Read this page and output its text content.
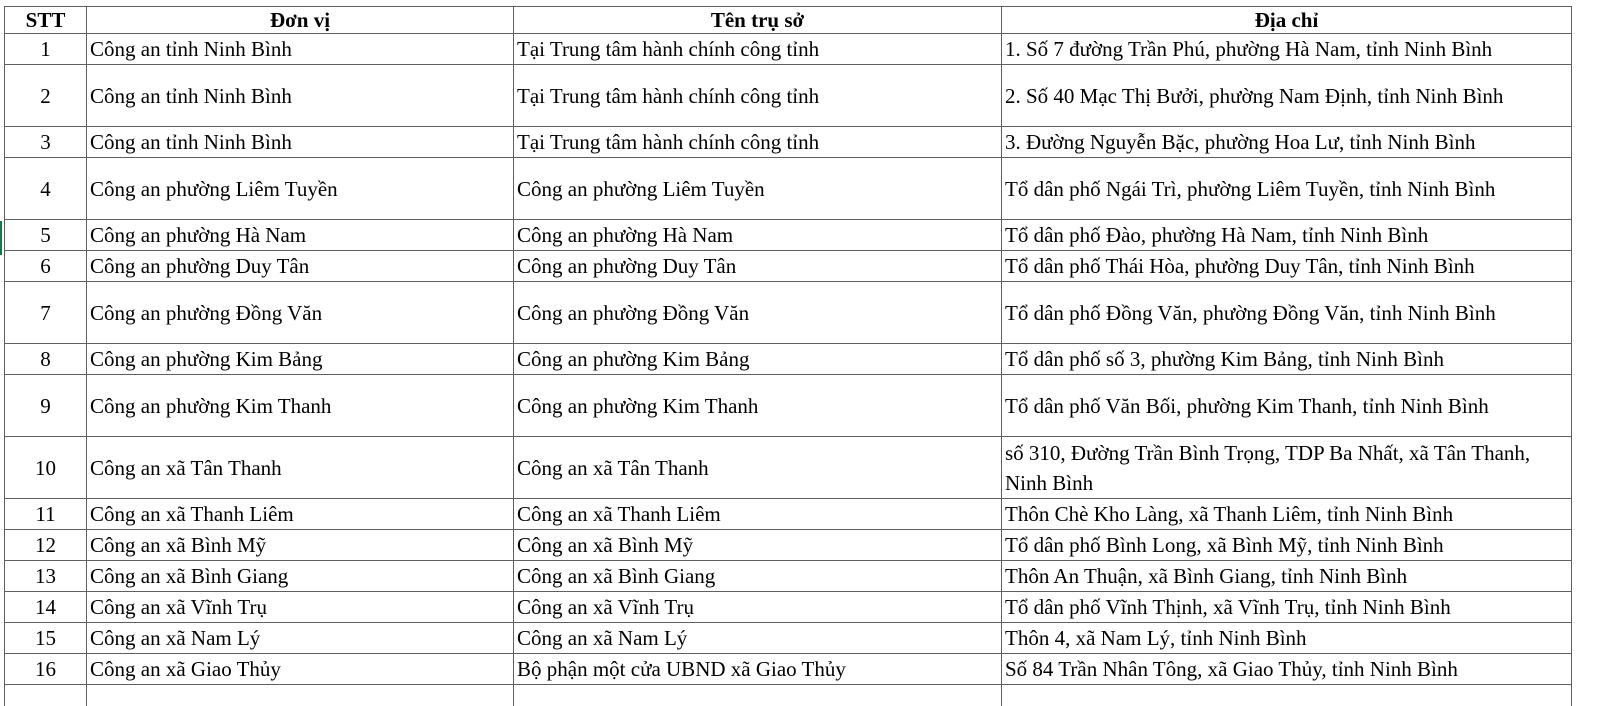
STT	Đơn vị	Tên trụ sở	Địa chỉ
1	Công an tỉnh Ninh Bình	Tại Trung tâm hành chính công tỉnh	1. Số 7 đường Trần Phú, phường Hà Nam, tỉnh Ninh Bình
2	Công an tỉnh Ninh Bình	Tại Trung tâm hành chính công tỉnh	2. Số 40 Mạc Thị Bưởi, phường Nam Định, tỉnh Ninh Bình
3	Công an tỉnh Ninh Bình	Tại Trung tâm hành chính công tỉnh	3. Đường Nguyễn Bặc, phường Hoa Lư, tỉnh Ninh Bình
4	Công an phường Liêm Tuyền	Công an phường Liêm Tuyền	Tổ dân phố Ngái Trì, phường Liêm Tuyền, tỉnh Ninh Bình
5	Công an phường Hà Nam	Công an phường Hà Nam	Tổ dân phố Đào, phường Hà Nam, tỉnh Ninh Bình
6	Công an phường Duy Tân	Công an phường Duy Tân	Tổ dân phố Thái Hòa, phường Duy Tân, tỉnh Ninh Bình
7	Công an phường Đồng Văn	Công an phường Đồng Văn	Tổ dân phố Đồng Văn, phường Đồng Văn, tỉnh Ninh Bình
8	Công an phường Kim Bảng	Công an phường Kim Bảng	Tổ dân phố số 3, phường Kim Bảng, tỉnh Ninh Bình
9	Công an phường Kim Thanh	Công an phường Kim Thanh	Tổ dân phố Văn Bối, phường Kim Thanh, tỉnh Ninh Bình
10	Công an xã Tân Thanh	Công an xã Tân Thanh	số 310, Đường Trần Bình Trọng, TDP Ba Nhất, xã Tân Thanh, Ninh Bình
11	Công an xã Thanh Liêm	Công an xã Thanh Liêm	Thôn Chè Kho Làng, xã Thanh Liêm, tỉnh Ninh Bình
12	Công an xã Bình Mỹ	Công an xã Bình Mỹ	Tổ dân phố Bình Long, xã Bình Mỹ, tỉnh Ninh Bình
13	Công an xã Bình Giang	Công an xã Bình Giang	Thôn An Thuận, xã Bình Giang, tỉnh Ninh Bình
14	Công an xã Vĩnh Trụ	Công an xã Vĩnh Trụ	Tổ dân phố Vĩnh Thịnh, xã Vĩnh Trụ, tỉnh Ninh Bình
15	Công an xã Nam Lý	Công an xã Nam Lý	Thôn 4, xã Nam Lý, tỉnh Ninh Bình
16	Công an xã Giao Thủy	Bộ phận một cửa UBND xã Giao Thủy	Số 84 Trần Nhân Tông, xã Giao Thủy, tỉnh Ninh Bình
